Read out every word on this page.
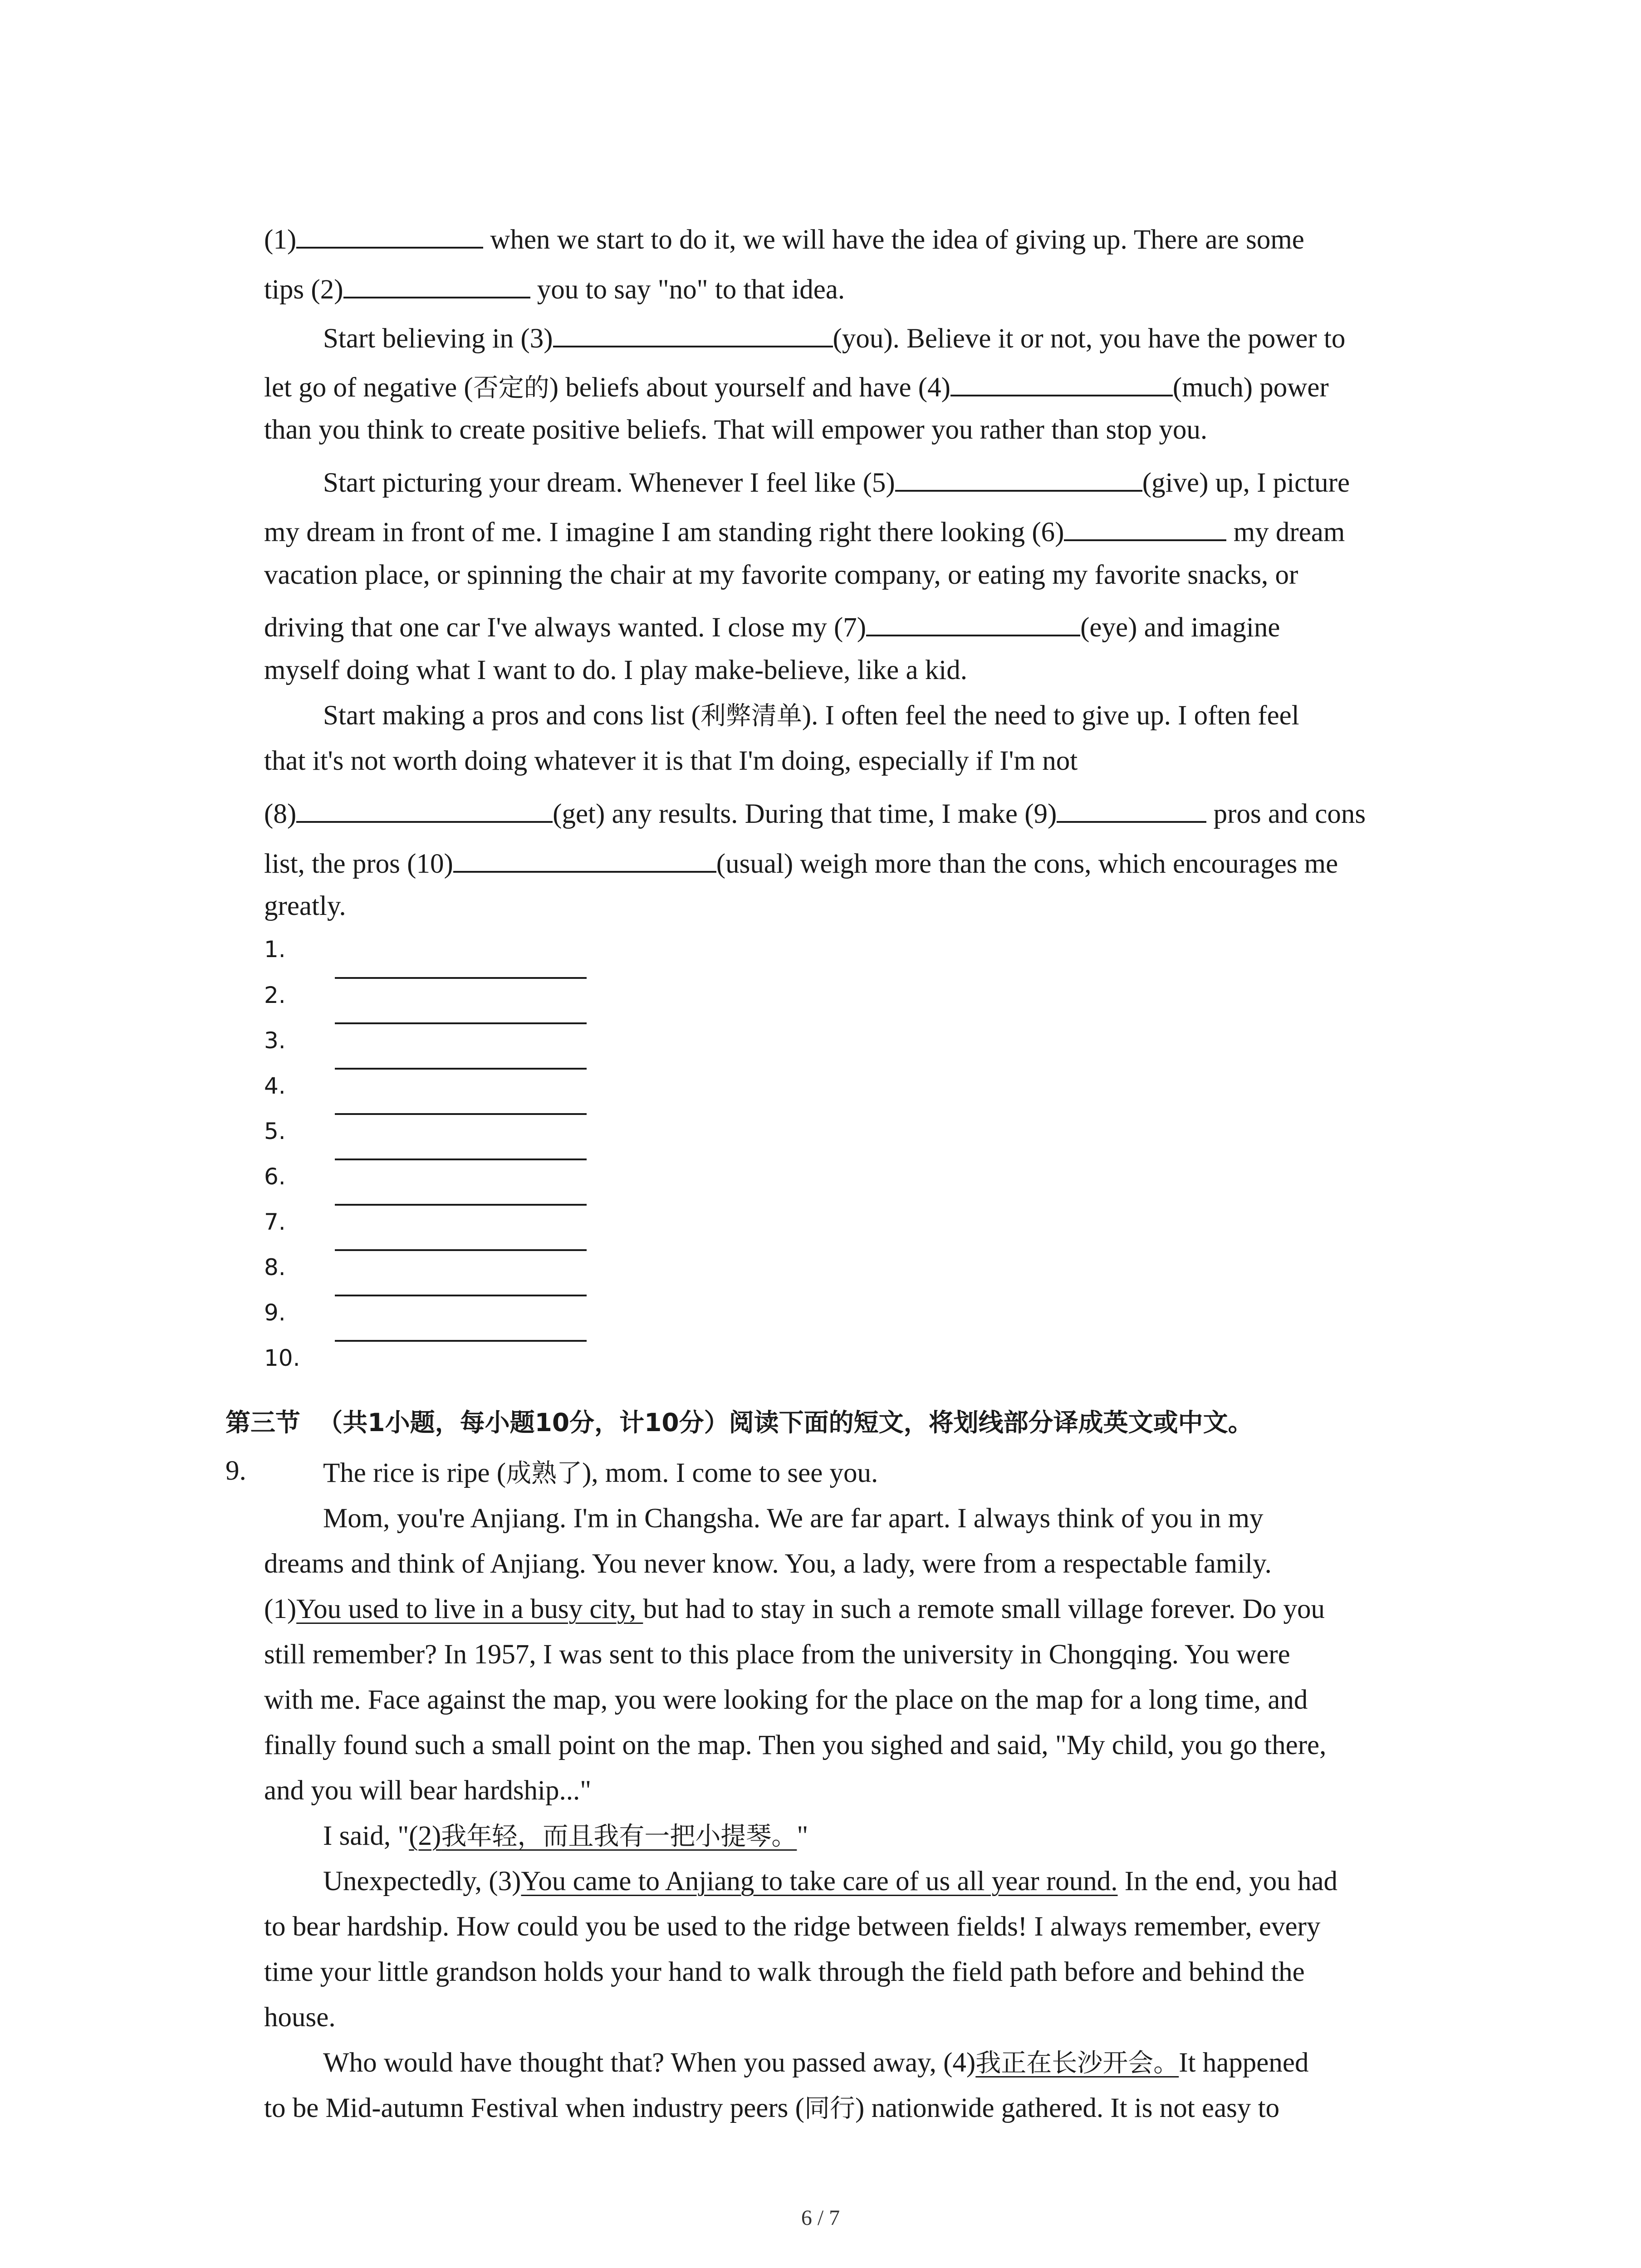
(1)	when we start to do it, we will have the idea of giving up. There are some
tips (2)	you to say "no" to that idea.
Start believing in (3)	(you). Believe it or not, you have the power to
let go of negative (否定的) beliefs about yourself and have (4)	(much) power
than you think to create positive beliefs. That will empower you rather than stop you.
Start picturing your dream. Whenever I feel like (5)	(give) up, I picture
my dream in front of me. I imagine I am standing right there looking (6)	my dream
vacation place, or spinning the chair at my favorite company, or eating my favorite snacks, or
driving that one car I've always wanted. I close my (7)	(eye) and imagine
myself doing what I want to do. I play make-believe, like a kid.
Start making a pros and cons list (利弊清单). I often feel the need to give up. I often feel
that it's not worth doing whatever it is that I'm doing, especially if I'm not
(8)	(get) any results. During that time, I make (9)	pros and cons
list, the pros (10)	(usual) weigh more than the cons, which encourages me
greatly.
1.
2.
3.
4.
5.
6.
7.
8.
9.
10.
第三节  （共1小题，每小题10分，计10分）阅读下面的短文，将划线部分译成英文或中文。
9.	The rice is ripe (成熟了), mom. I come to see you.
Mom, you're Anjiang. I'm in Changsha. We are far apart. I always think of you in my
dreams and think of Anjiang. You never know. You, a lady, were from a respectable family.
(1)You used to live in a busy city, but had to stay in such a remote small village forever. Do you
still remember? In 1957, I was sent to this place from the university in Chongqing. You were
with me. Face against the map, you were looking for the place on the map for a long time, and
finally found such a small point on the map. Then you sighed and said, "My child, you go there,
and you will bear hardship..."
I said, "(2)我年轻，而且我有一把小提琴。"
Unexpectedly, (3)You came to Anjiang to take care of us all year round. In the end, you had
to bear hardship. How could you be used to the ridge between fields! I always remember, every
time your little grandson holds your hand to walk through the field path before and behind the
house.
Who would have thought that? When you passed away, (4)我正在长沙开会。It happened
to be Mid-autumn Festival when industry peers (同行) nationwide gathered. It is not easy to
6 / 7
